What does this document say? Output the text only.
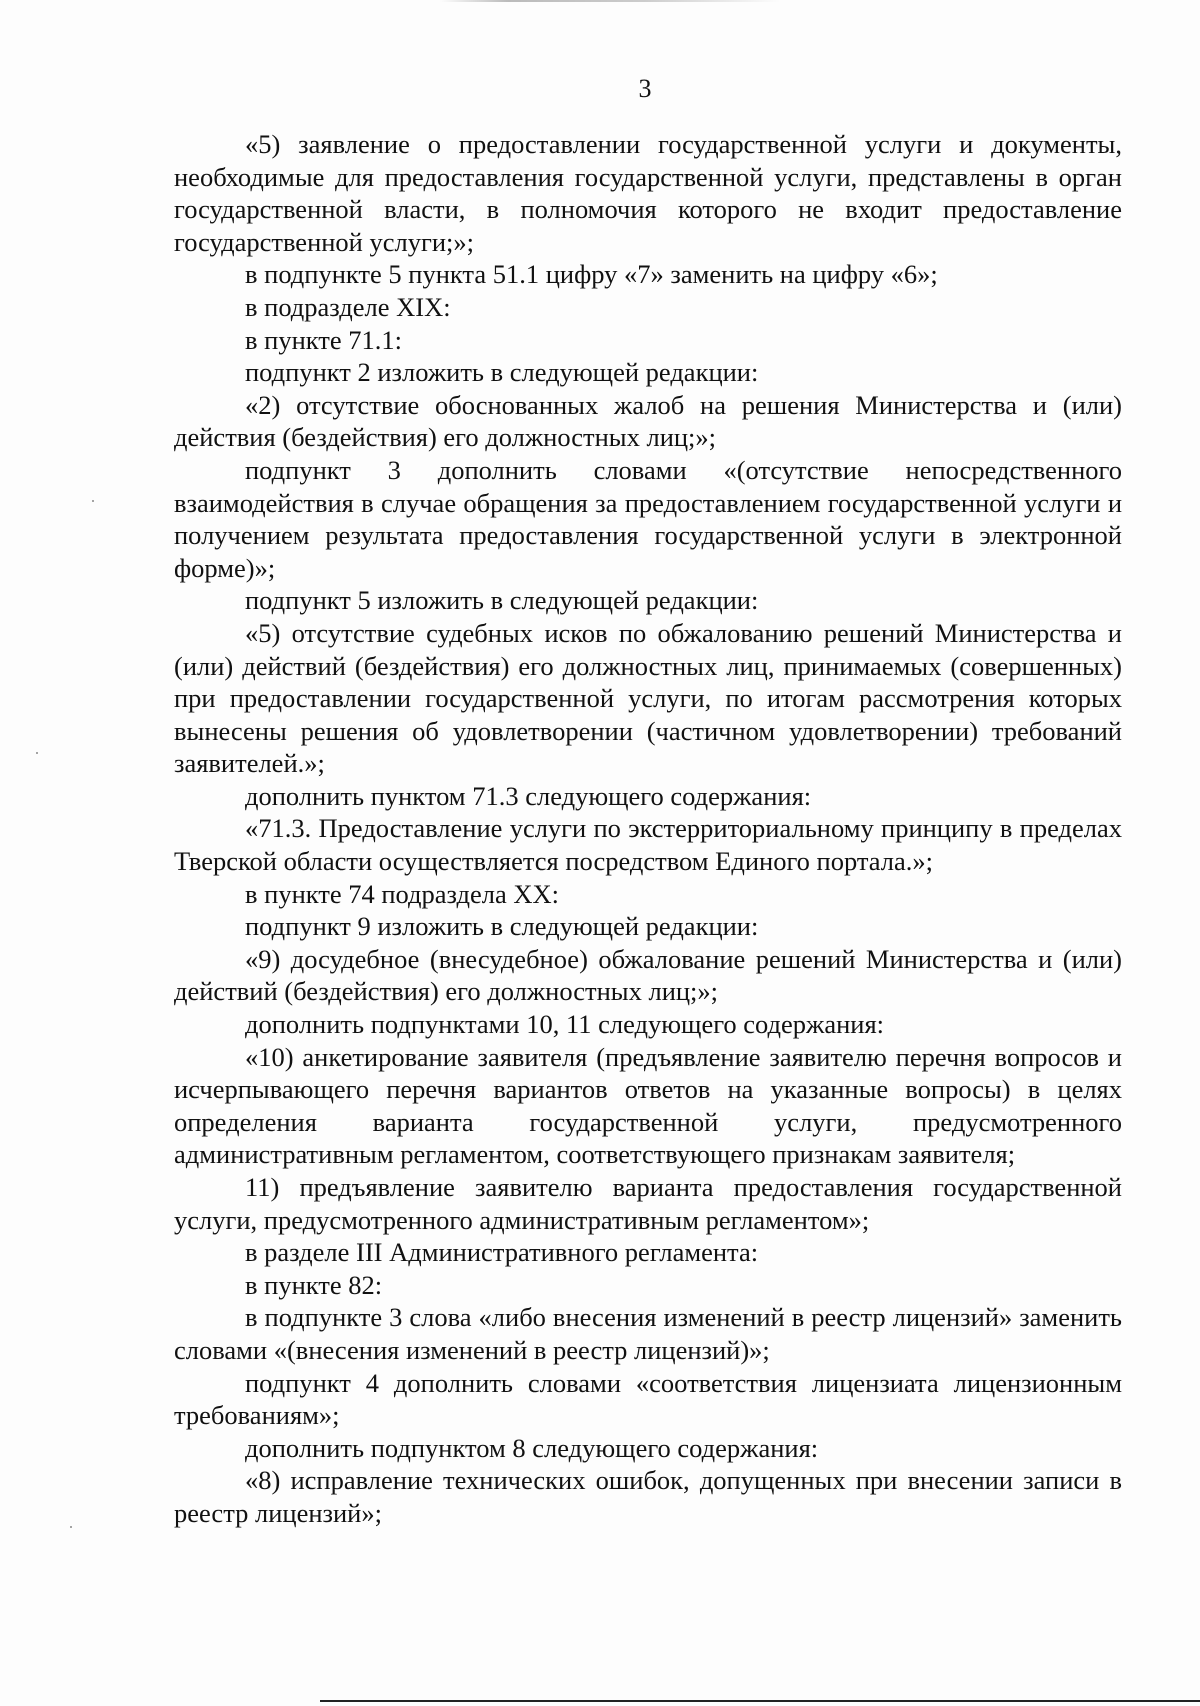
3

«5) заявление о предоставлении государственной услуги и документы, необходимые для предоставления государственной услуги, представлены в орган государственной власти, в полномочия которого не входит предоставление государственной услуги;»;

в подпункте 5 пункта 51.1 цифру «7» заменить на цифру «6»;

в подразделе XIX:

в пункте 71.1:

подпункт 2 изложить в следующей редакции:

«2) отсутствие обоснованных жалоб на решения Министерства и (или) действия (бездействия) его должностных лиц;»;

подпункт 3 дополнить словами «(отсутствие непосредственного взаимодействия в случае обращения за предоставлением государственной услуги и получением результата предоставления государственной услуги в электронной форме)»;

подпункт 5 изложить в следующей редакции:

«5) отсутствие судебных исков по обжалованию решений Министерства и (или) действий (бездействия) его должностных лиц, принимаемых (совершенных) при предоставлении государственной услуги, по итогам рассмотрения которых вынесены решения об удовлетворении (частичном удовлетворении) требований заявителей.»;

дополнить пунктом 71.3 следующего содержания:

«71.3. Предоставление услуги по экстерриториальному принципу в пределах Тверской области осуществляется посредством Единого портала.»;

в пункте 74 подраздела XX:

подпункт 9 изложить в следующей редакции:

«9) досудебное (внесудебное) обжалование решений Министерства и (или) действий (бездействия) его должностных лиц;»;

дополнить подпунктами 10, 11 следующего содержания:

«10) анкетирование заявителя (предъявление заявителю перечня вопросов и исчерпывающего перечня вариантов ответов на указанные вопросы) в целях определения варианта государственной услуги, предусмотренного административным регламентом, соответствующего признакам заявителя;

11) предъявление заявителю варианта предоставления государственной услуги, предусмотренного административным регламентом»;

в разделе III Административного регламента:

в пункте 82:

в подпункте 3 слова «либо внесения изменений в реестр лицензий» заменить словами «(внесения изменений в реестр лицензий)»;

подпункт 4 дополнить словами «соответствия лицензиата лицензионным требованиям»;

дополнить подпунктом 8 следующего содержания:

«8) исправление технических ошибок, допущенных при внесении записи в реестр лицензий»;
